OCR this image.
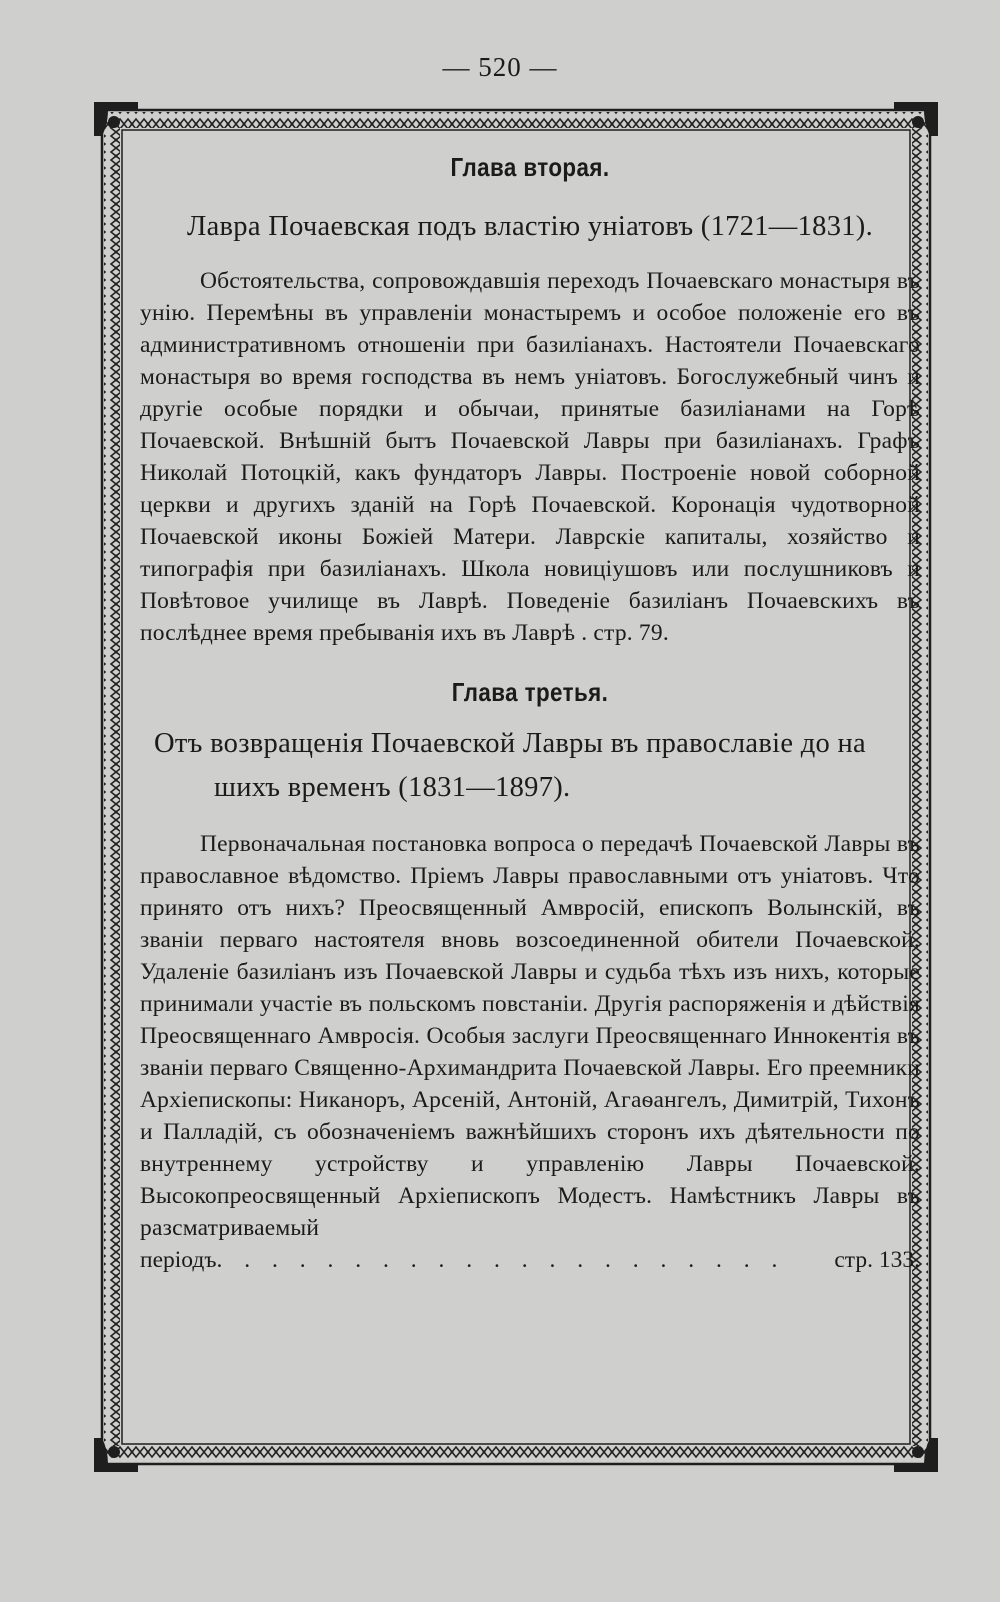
— 520 —
Глава вторая.

Лавра Почаевская подъ властію уніатовъ (1721—1831).

Обстоятельства, сопровождавшія переходъ Почаевскаго монастыря въ унію. Перемѣны въ управленіи монастыремъ и особое положеніе его въ административномъ отношеніи при базиліанахъ. Настоятели Почаевскаго монастыря во время господства въ немъ уніатовъ. Богослужебный чинъ и другіе особые порядки и обычаи, принятые базиліанами на Горѣ Почаевской. Внѣшній бытъ Почаевской Лавры при базиліанахъ. Графъ Николай Потоцкій, какъ фундаторъ Лавры. Построеніе новой соборной церкви и другихъ зданій на Горѣ Почаевской. Коронація чудотворной Почаевской иконы Божіей Матери. Лаврскіе капиталы, хозяйство и типографія при базиліанахъ. Школа новиціушовъ или послушниковъ и Повѣтовое училище въ Лаврѣ. Поведеніе базиліанъ Почаевскихъ въ послѣднее время пребыванія ихъ въ Лаврѣ . стр. 79.

Глава третья.
Отъ возвращенія Почаевской Лавры въ православіе до на
шихъ временъ (1831—1897).

Первоначальная постановка вопроса о передачѣ Почаевской Лавры въ православное вѣдомство. Пріемъ Лавры православными отъ уніатовъ. Что принято отъ нихъ? Преосвященный Амвросій, епископъ Волынскій, въ званіи перваго настоятеля вновь возсоединенной обители Почаевской. Удаленіе базиліанъ изъ Почаевской Лавры и судьба тѣхъ изъ нихъ, которые принимали участіе въ польскомъ повстаніи. Другія распоряженія и дѣйствія Преосвященнаго Амвросія. Особыя заслуги Преосвященнаго Иннокентія въ званіи перваго Священно-Архимандрита Почаевской Лавры. Его преемники Архіепископы: Никаноръ, Арсеній, Антоній, Агаѳангелъ, Димитрій, Тихонъ и Палладій, съ обозначеніемъ важнѣйшихъ сторонъ ихъ дѣятельности по внутреннему устройству и управленію Лавры Почаевской. Высокопреосвященный Архіепископъ Модестъ. Намѣстникъ Лавры въ разсматриваемый

періодъ . . . . . . . . . . . . . . . . . . . . .	стр. 133.
